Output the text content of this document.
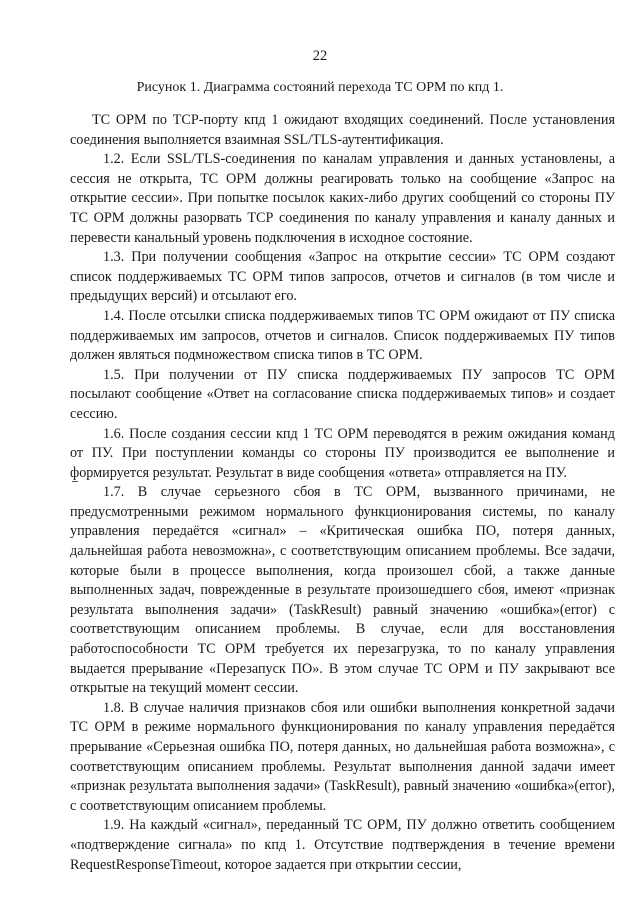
22
Рисунок 1. Диаграмма состояний перехода ТС ОРМ по кпд 1.

ТС ОРМ по TCP-порту кпд 1 ожидают входящих соединений. После установления соединения выполняется взаимная SSL/TLS-аутентификация.

1.2. Если SSL/TLS-соединения по каналам управления и данных установлены, а сессия не открыта, ТС ОРМ должны реагировать только на сообщение «Запрос на открытие сессии». При попытке посылок каких-либо других сообщений со стороны ПУ ТС ОРМ должны разорвать ТСР соединения по каналу управления и каналу данных и перевести канальный уровень подключения в исходное состояние.

1.3. При получении сообщения «Запрос на открытие сессии» ТС ОРМ создают список поддерживаемых ТС ОРМ типов запросов, отчетов и сигналов (в том числе и предыдущих версий) и отсылают его.

1.4. После отсылки списка поддерживаемых типов ТС ОРМ ожидают от ПУ списка поддерживаемых им запросов, отчетов и сигналов. Список поддерживаемых ПУ типов должен являться подмножеством списка типов в ТС ОРМ.

1.5. При получении от ПУ списка поддерживаемых ПУ запросов ТС ОРМ посылают сообщение «Ответ на согласование списка поддерживаемых типов» и создает сессию.

1.6. После создания сессии кпд 1 ТС ОРМ переводятся в режим ожидания команд от ПУ. При поступлении команды со стороны ПУ производится ее выполнение и формируется результат. Результат в виде сообщения «ответа» отправляется на ПУ.

1.7. В случае серьезного сбоя в ТС ОРМ, вызванного причинами, не предусмотренными режимом нормального функционирования системы, по каналу управления передаётся «сигнал» – «Критическая ошибка ПО, потеря данных, дальнейшая работа невозможна», с соответствующим описанием проблемы. Все задачи, которые были в процессе выполнения, когда произошел сбой, а также данные выполненных задач, поврежденные в результате произошедшего сбоя, имеют «признак результата выполнения задачи» (TaskResult) равный значению «ошибка»(error) с соответствующим описанием проблемы. В случае, если для восстановления работоспособности ТС ОРМ требуется их перезагрузка, то по каналу управления выдается прерывание «Перезапуск ПО». В этом случае ТС ОРМ и ПУ закрывают все открытые на текущий момент сессии.

1.8. В случае наличия признаков сбоя или ошибки выполнения конкретной задачи ТС ОРМ в режиме нормального функционирования по каналу управления передаётся прерывание «Серьезная ошибка ПО, потеря данных, но дальнейшая работа возможна», с соответствующим описанием проблемы. Результат выполнения данной задачи имеет «признак результата выполнения задачи» (TaskResult), равный значению «ошибка»(error), с соответствующим описанием проблемы.

1.9. На каждый «сигнал», переданный ТС ОРМ, ПУ должно ответить сообщением «подтверждение сигнала» по кпд 1. Отсутствие подтверждения в течение времени RequestResponseTimeout, которое задается при открытии сессии,
